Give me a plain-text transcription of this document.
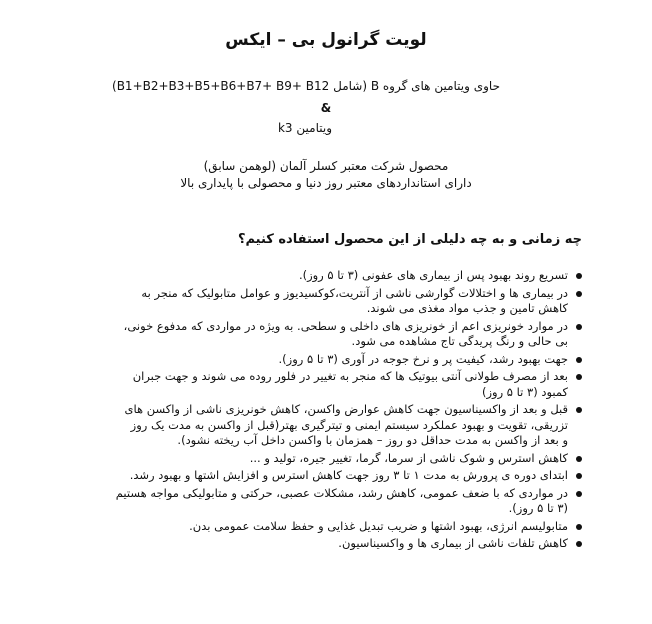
لویت گرانول بی – ایکس
حاوی ویتامین های گروه B (شامل B1+B2+B3+B5+B6+B7+ B9+ B12)
&
ویتامین k3
محصول شرکت معتبر کسلر آلمان (لوهمن سابق)
دارای استانداردهای معتبر روز دنیا و محصولی با پایداری بالا
چه زمانی و به چه دلیلی از این محصول استفاده کنیم؟
تسریع روند بهبود پس از بیماری های عفونی (۳ تا ۵ روز).
در بیماری ها و اختلالات گوارشی ناشی از آنتریت،کوکسیدیوز و عوامل متابولیک که منجر به
کاهش تامین و جذب مواد مغذی می شوند.
در موارد خونریزی اعم از خونریزی های داخلی و سطحی. به ویژه در مواردی که مدفوع خونی،
بی حالی و رنگ پریدگی تاج مشاهده می شود.
جهت بهبود رشد، کیفیت پر و نرخ جوجه در آوری (۳ تا ۵ روز).
بعد از مصرف طولانی آنتی بیوتیک ها که منجر به تغییر در فلور روده می شوند و جهت جبران
کمبود (۳ تا ۵ روز)
قبل و بعد از واکسیناسیون جهت کاهش عوارض واکسن، کاهش خونریزی ناشی از واکسن های
تزریقی، تقویت و بهبود عملکرد سیستم ایمنی و تیترگیری بهتر(قبل از واکسن به مدت یک روز
و بعد از واکسن به مدت حداقل دو روز – همزمان با واکسن داخل آب ریخته نشود).
کاهش استرس و شوک ناشی از سرما، گرما، تغییر جیره، تولید و ...
ابتدای دوره ی پرورش به مدت ۱ تا ۳ روز جهت کاهش استرس و افزایش اشتها و بهبود رشد.
در مواردی که با ضعف عمومی، کاهش رشد، مشکلات عصبی، حرکتی و متابولیکی مواجه هستیم
(۳ تا ۵ روز).
متابولیسم انرژی، بهبود اشتها و ضریب تبدیل غذایی و حفظ سلامت عمومی بدن.
کاهش تلفات ناشی از بیماری ها و واکسیناسیون.
